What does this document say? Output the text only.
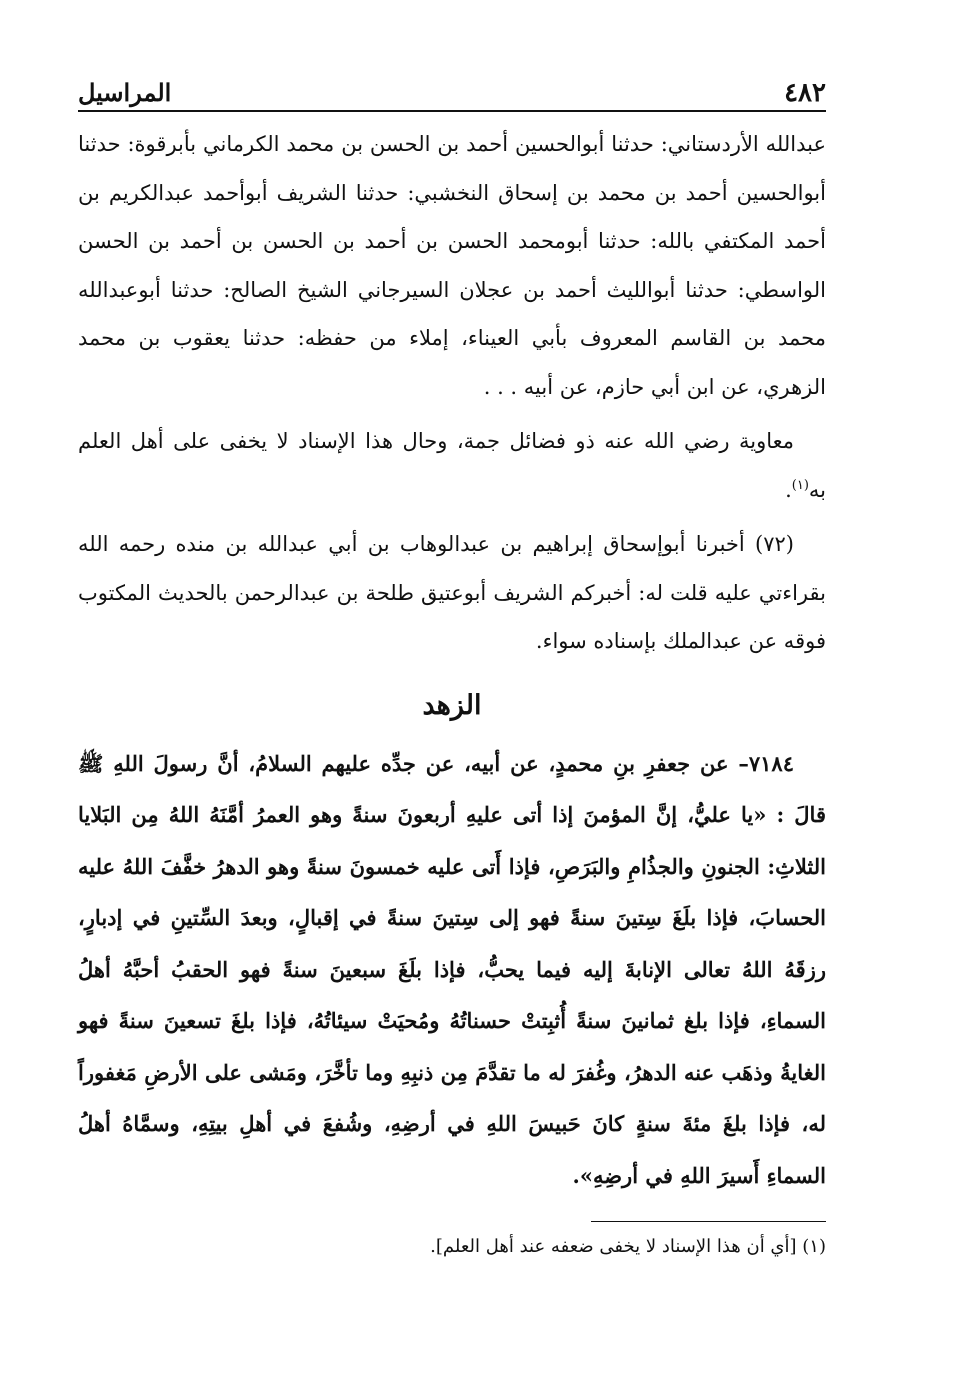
٤٨٢
المراسيل

عبدالله الأردستاني: حدثنا أبوالحسين أحمد بن الحسن بن محمد الكرماني بأبرقوة: حدثنا أبوالحسين أحمد بن محمد بن إسحاق النخشبي: حدثنا الشريف أبوأحمد عبدالكريم بن أحمد المكتفي بالله: حدثنا أبومحمد الحسن بن أحمد بن الحسن بن أحمد بن الحسن الواسطي: حدثنا أبوالليث أحمد بن عجلان السيرجاني الشيخ الصالح: حدثنا أبوعبدالله محمد بن القاسم المعروف بأبي العيناء، إملاء من حفظه: حدثنا يعقوب بن محمد الزهري، عن ابن أبي حازم، عن أبيه . . .

معاوية رضي الله عنه ذو فضائل جمة، وحال هذا الإسناد لا يخفى على أهل العلم به$^{(١)}$.

(٧٢) أخبرنا أبوإسحاق إبراهيم بن عبدالوهاب بن أبي عبدالله بن منده رحمه الله بقراءتي عليه قلت له: أخبركم الشريف أبوعتيق طلحة بن عبدالرحمن بالحديث المكتوب فوقه عن عبدالملك بإسناده سواء.

الزهد

٧١٨٤– عن جعفرِ بنِ محمدٍ، عن أبيه، عن جدِّه عليهم السلامُ، أنَّ رسولَ اللهِ ﷺ قالَ : «يا عليُّ، إنَّ المؤمنَ إذا أتى عليهِ أربعونَ سنةً وهو العمرُ أمَّنَهُ اللهُ مِن البَلايا الثلاثِ: الجنونِ والجذُامِ والبَرَصِ، فإذا أَتى عليه خمسونَ سنةً وهو الدهرُ خفَّفَ اللهُ عليه الحسابَ، فإذا بلَغَ سِتينَ سنةً فهو إلى سِتينَ سنةً في إقبالٍ، وبعدَ السِّتينِ في إدبارٍ، رزقَهُ اللهُ تعالى الإنابةَ إليه فيما يحبُّ، فإذا بلَغَ سبعينَ سنةً فهو الحقبُ أحبَّهُ أهلُ السماءِ، فإذا بلغ ثمانينَ سنةً أُثبِتتْ حسناتُهُ ومُحيَتْ سيئاتُهُ، فإذا بلغَ تسعينَ سنةً فهو الغايةُ وذهَب عنه الدهرُ، وغُفرَ له ما تقدَّمَ مِن ذنبِهِ وما تأخَّرَ، ومَشى على الأرضِ مَغفوراً له، فإذا بلغَ مئةَ سنةٍ كانَ حَبيسَ اللهِ في أرضِهِ، وشُفعَ في أهلِ بيتِهِ، وسمَّاهُ أهلُ السماءِ أَسيرَ اللهِ في أرضِهِ».

(١) [أي أن هذا الإسناد لا يخفى ضعفه عند أهل العلم].
